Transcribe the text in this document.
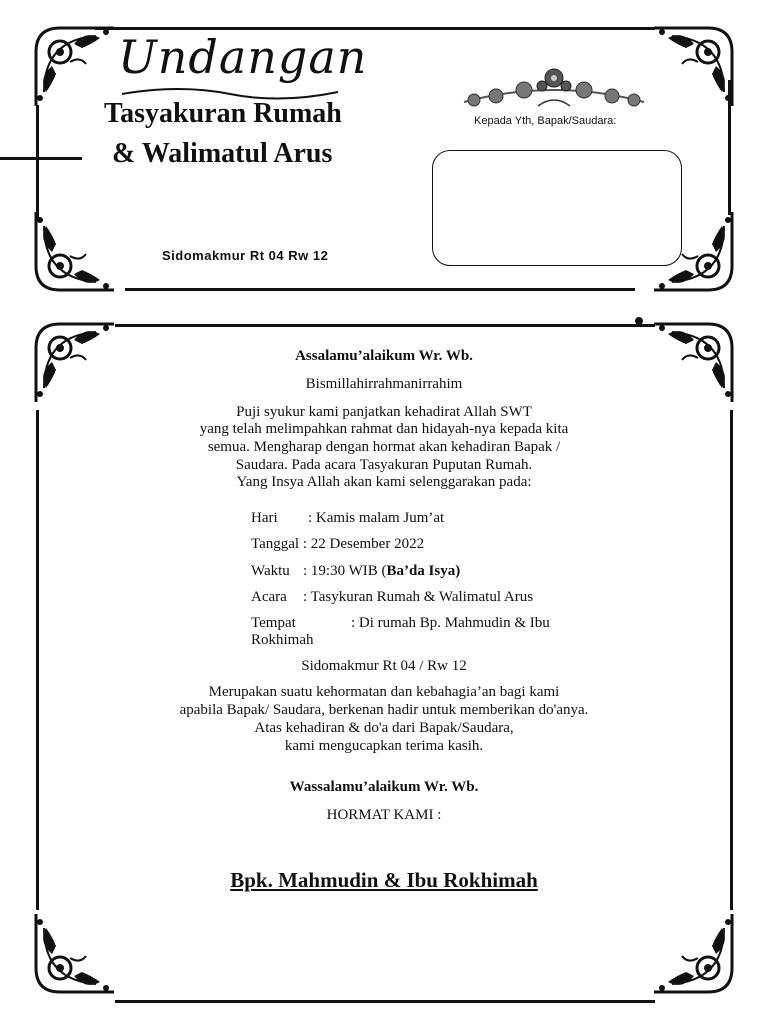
Undangan
Tasyakuran Rumah
& Walimatul Arus
Sidomakmur Rt 04 Rw 12
Kepada Yth, Bapak/Saudara:
Assalamu’alaikum Wr. Wb.
Bismillahirrahmanirrahim
Puji syukur kami panjatkan kehadirat Allah SWT
yang telah melimpahkan rahmat dan hidayah-nya kepada kita
semua. Mengharap dengan hormat akan kehadiran Bapak /
Saudara. Pada acara Tasyakuran Puputan Rumah.
Yang Insya Allah akan kami selenggarakan pada:
Hari : Kamis malam Jum’at
Tanggal : 22 Desember 2022
Waktu : 19:30 WIB (Ba’da Isya)
Acara : Tasykuran Rumah & Walimatul Arus
Tempat	: Di rumah Bp. Mahmudin & Ibu
Rokhimah
Sidomakmur Rt 04 / Rw 12
Merupakan suatu kehormatan dan kebahagia’an bagi kami
apabila Bapak/ Saudara, berkenan hadir untuk memberikan do'anya.
Atas kehadiran & do'a dari Bapak/Saudara,
kami mengucapkan terima kasih.
Wassalamu’alaikum Wr. Wb.
HORMAT KAMI :
Bpk. Mahmudin & Ibu Rokhimah
